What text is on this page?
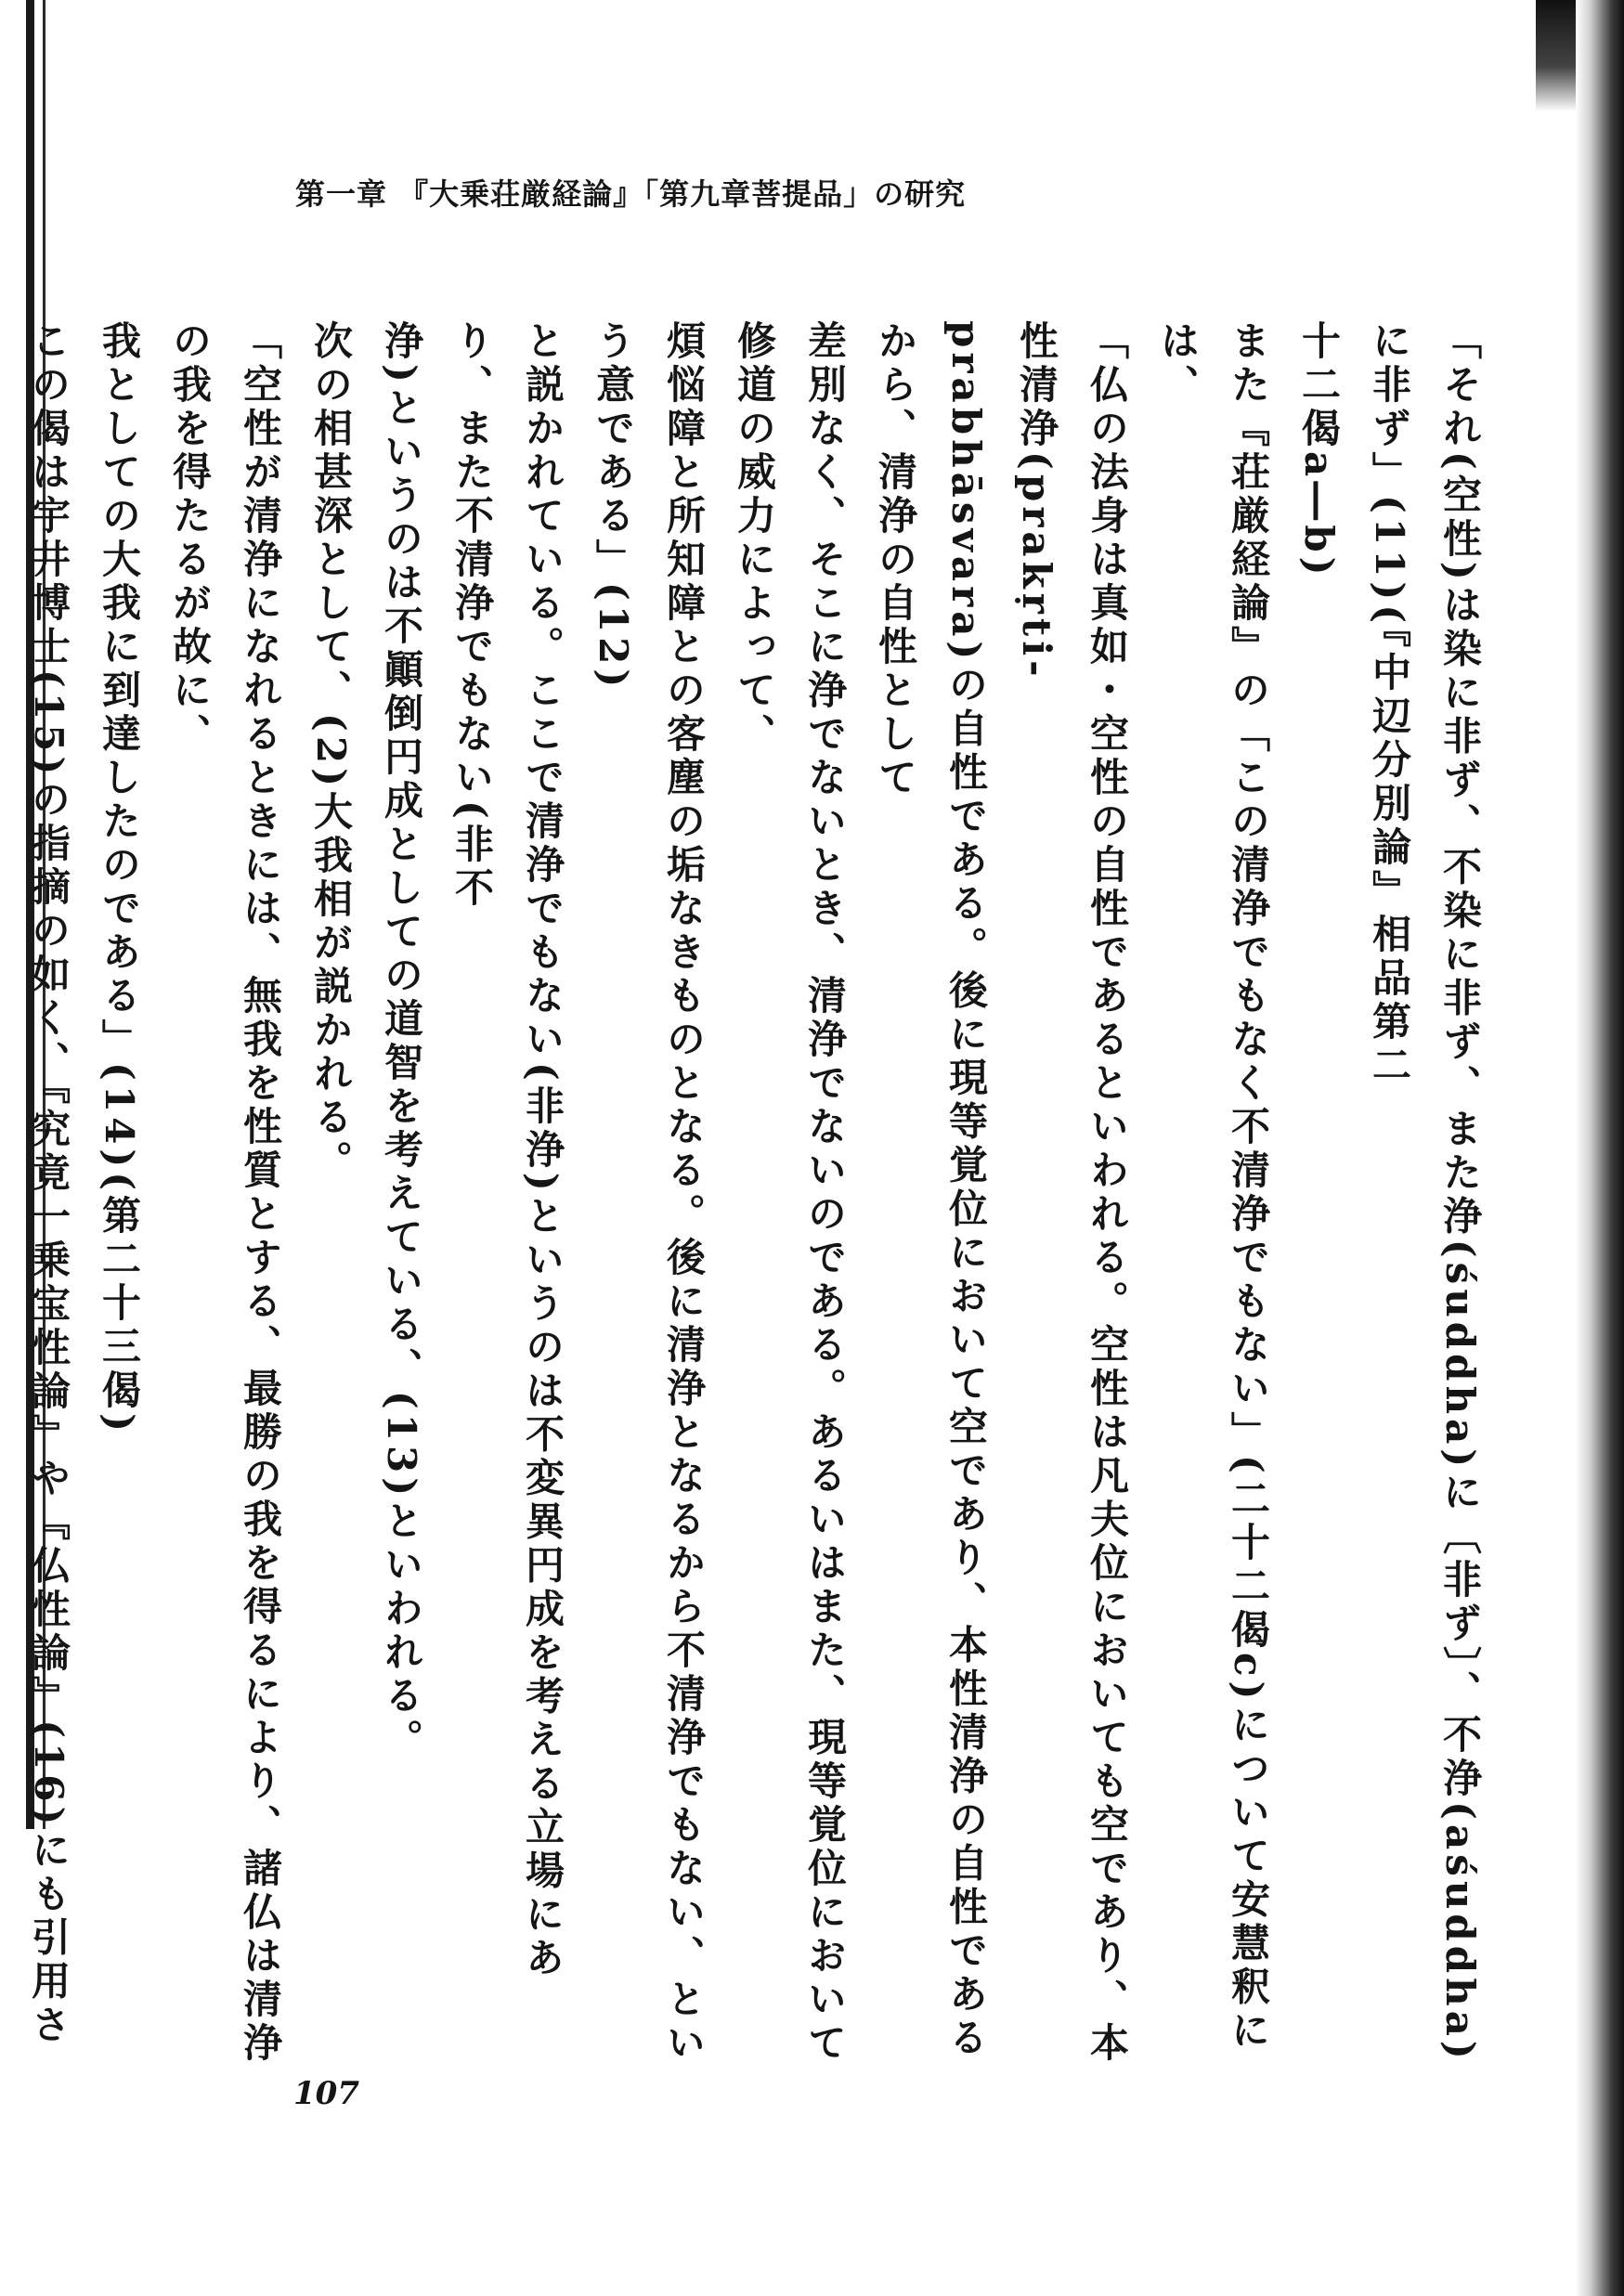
第一章 『大乗荘厳経論』「第九章菩提品」の研究

「それ(空性)は染に非ず、不染に非ず、また浄(śuddha)に〔非ず〕、不浄(aśuddha)に非ず」(11)(『中辺分別論』相品第二

十二偈a―b)

また『荘厳経論』の「この清浄でもなく不清浄でもない」(二十二偈c)について安慧釈には、

「仏の法身は真如・空性の自性であるといわれる。空性は凡夫位においても空であり、本性清浄(prakṛti-

prabhāsvara)の自性である。後に現等覚位において空であり、本性清浄の自性であるから、清浄の自性として

差別なく、そこに浄でないとき、清浄でないのである。あるいはまた、現等覚位において修道の威力によって、

煩悩障と所知障との客塵の垢なきものとなる。後に清浄となるから不清浄でもない、という意である」(12)

と説かれている。ここで清浄でもない(非浄)というのは不変異円成を考える立場にあり、また不清浄でもない(非不

浄)というのは不顚倒円成としての道智を考えている、(13)といわれる。

次の相甚深として、(2)大我相が説かれる。

「空性が清浄になれるときには、無我を性質とする、最勝の我を得るにより、諸仏は清浄の我を得たるが故に、

我としての大我に到達したのである」(14)(第二十三偈)

この偈は宇井博士(15)の指摘の如く、『究竟一乗宝性論』や『仏性論』(16)にも引用さ

107
